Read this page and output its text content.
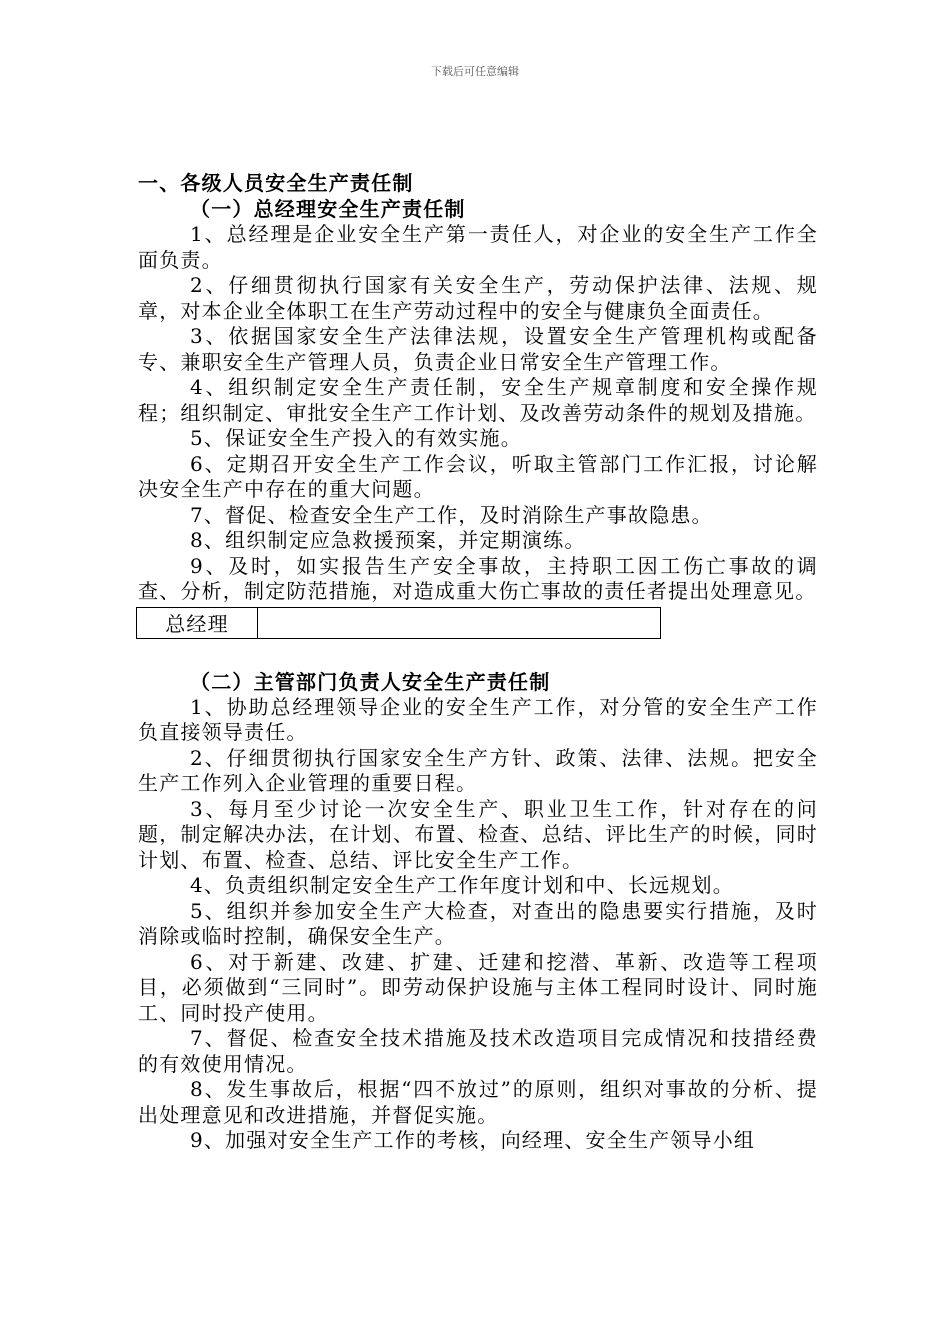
下载后可任意编辑

一、各级人员安全生产责任制

（一）总经理安全生产责任制

1、总经理是企业安全生产第一责任人，对企业的安全生产工作全面负责。

2、仔细贯彻执行国家有关安全生产，劳动保护法律、法规、规章，对本企业全体职工在生产劳动过程中的安全与健康负全面责任。

3、依据国家安全生产法律法规，设置安全生产管理机构或配备专、兼职安全生产管理人员，负责企业日常安全生产管理工作。

4、组织制定安全生产责任制，安全生产规章制度和安全操作规程；组织制定、审批安全生产工作计划、及改善劳动条件的规划及措施。

5、保证安全生产投入的有效实施。

6、定期召开安全生产工作会议，听取主管部门工作汇报，讨论解决安全生产中存在的重大问题。

7、督促、检查安全生产工作，及时消除生产事故隐患。

8、组织制定应急救援预案，并定期演练。

9、及时，如实报告生产安全事故，主持职工因工伤亡事故的调查、分析，制定防范措施，对造成重大伤亡事故的责任者提出处理意见。

总经理	

（二）主管部门负责人安全生产责任制

1、协助总经理领导企业的安全生产工作，对分管的安全生产工作负直接领导责任。

2、仔细贯彻执行国家安全生产方针、政策、法律、法规。把安全生产工作列入企业管理的重要日程。

3、每月至少讨论一次安全生产、职业卫生工作，针对存在的问题，制定解决办法，在计划、布置、检查、总结、评比生产的时候，同时计划、布置、检查、总结、评比安全生产工作。

4、负责组织制定安全生产工作年度计划和中、长远规划。

5、组织并参加安全生产大检查，对查出的隐患要实行措施，及时消除或临时控制，确保安全生产。

6、对于新建、改建、扩建、迁建和挖潜、革新、改造等工程项目，必须做到“三同时”。即劳动保护设施与主体工程同时设计、同时施工、同时投产使用。

7、督促、检查安全技术措施及技术改造项目完成情况和技措经费的有效使用情况。

8、发生事故后，根据“四不放过”的原则，组织对事故的分析、提出处理意见和改进措施，并督促实施。

9、加强对安全生产工作的考核，向经理、安全生产领导小组
